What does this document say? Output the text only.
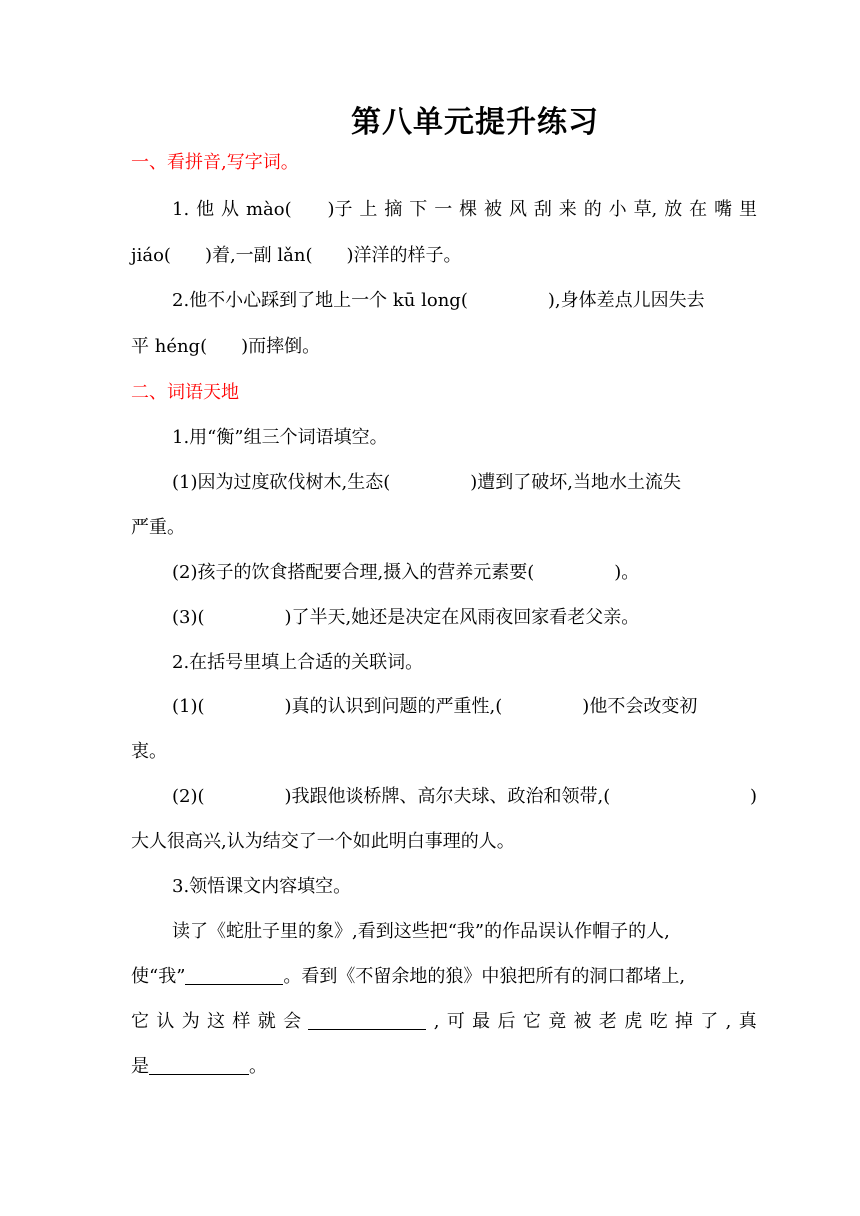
第八单元提升练习
一、看拼音,写字词。
1. 他 从 mào( )子 上 摘 下 一 棵 被 风 刮 来 的 小 草, 放 在 嘴 里
jiáo( )着,一副 lǎn( )洋洋的样子。
2.他不小心踩到了地上一个 kū long(	),身体差点儿因失去
平 héng( )而摔倒。
二、词语天地
1.用“衡”组三个词语填空。
(1)因为过度砍伐树木,生态(	)遭到了破坏,当地水土流失
严重。
(2)孩子的饮食搭配要合理,摄入的营养元素要(	)。
(3)(	)了半天,她还是决定在风雨夜回家看老父亲。
2.在括号里填上合适的关联词。
(1)(	)真的认识到问题的严重性,(	)他不会改变初
衷。
(2)(	)我跟他谈桥牌、高尔夫球、政治和领带,(	)
大人很高兴,认为结交了一个如此明白事理的人。
3.领悟课文内容填空。
读了《蛇肚子里的象》,看到这些把“我”的作品误认作帽子的人,
使“我”	。看到《不留余地的狼》中狼把所有的洞口都堵上,
它 认 为 这 样 就 会	, 可 最 后 它 竟 被 老 虎 吃 掉 了 , 真
是	。
